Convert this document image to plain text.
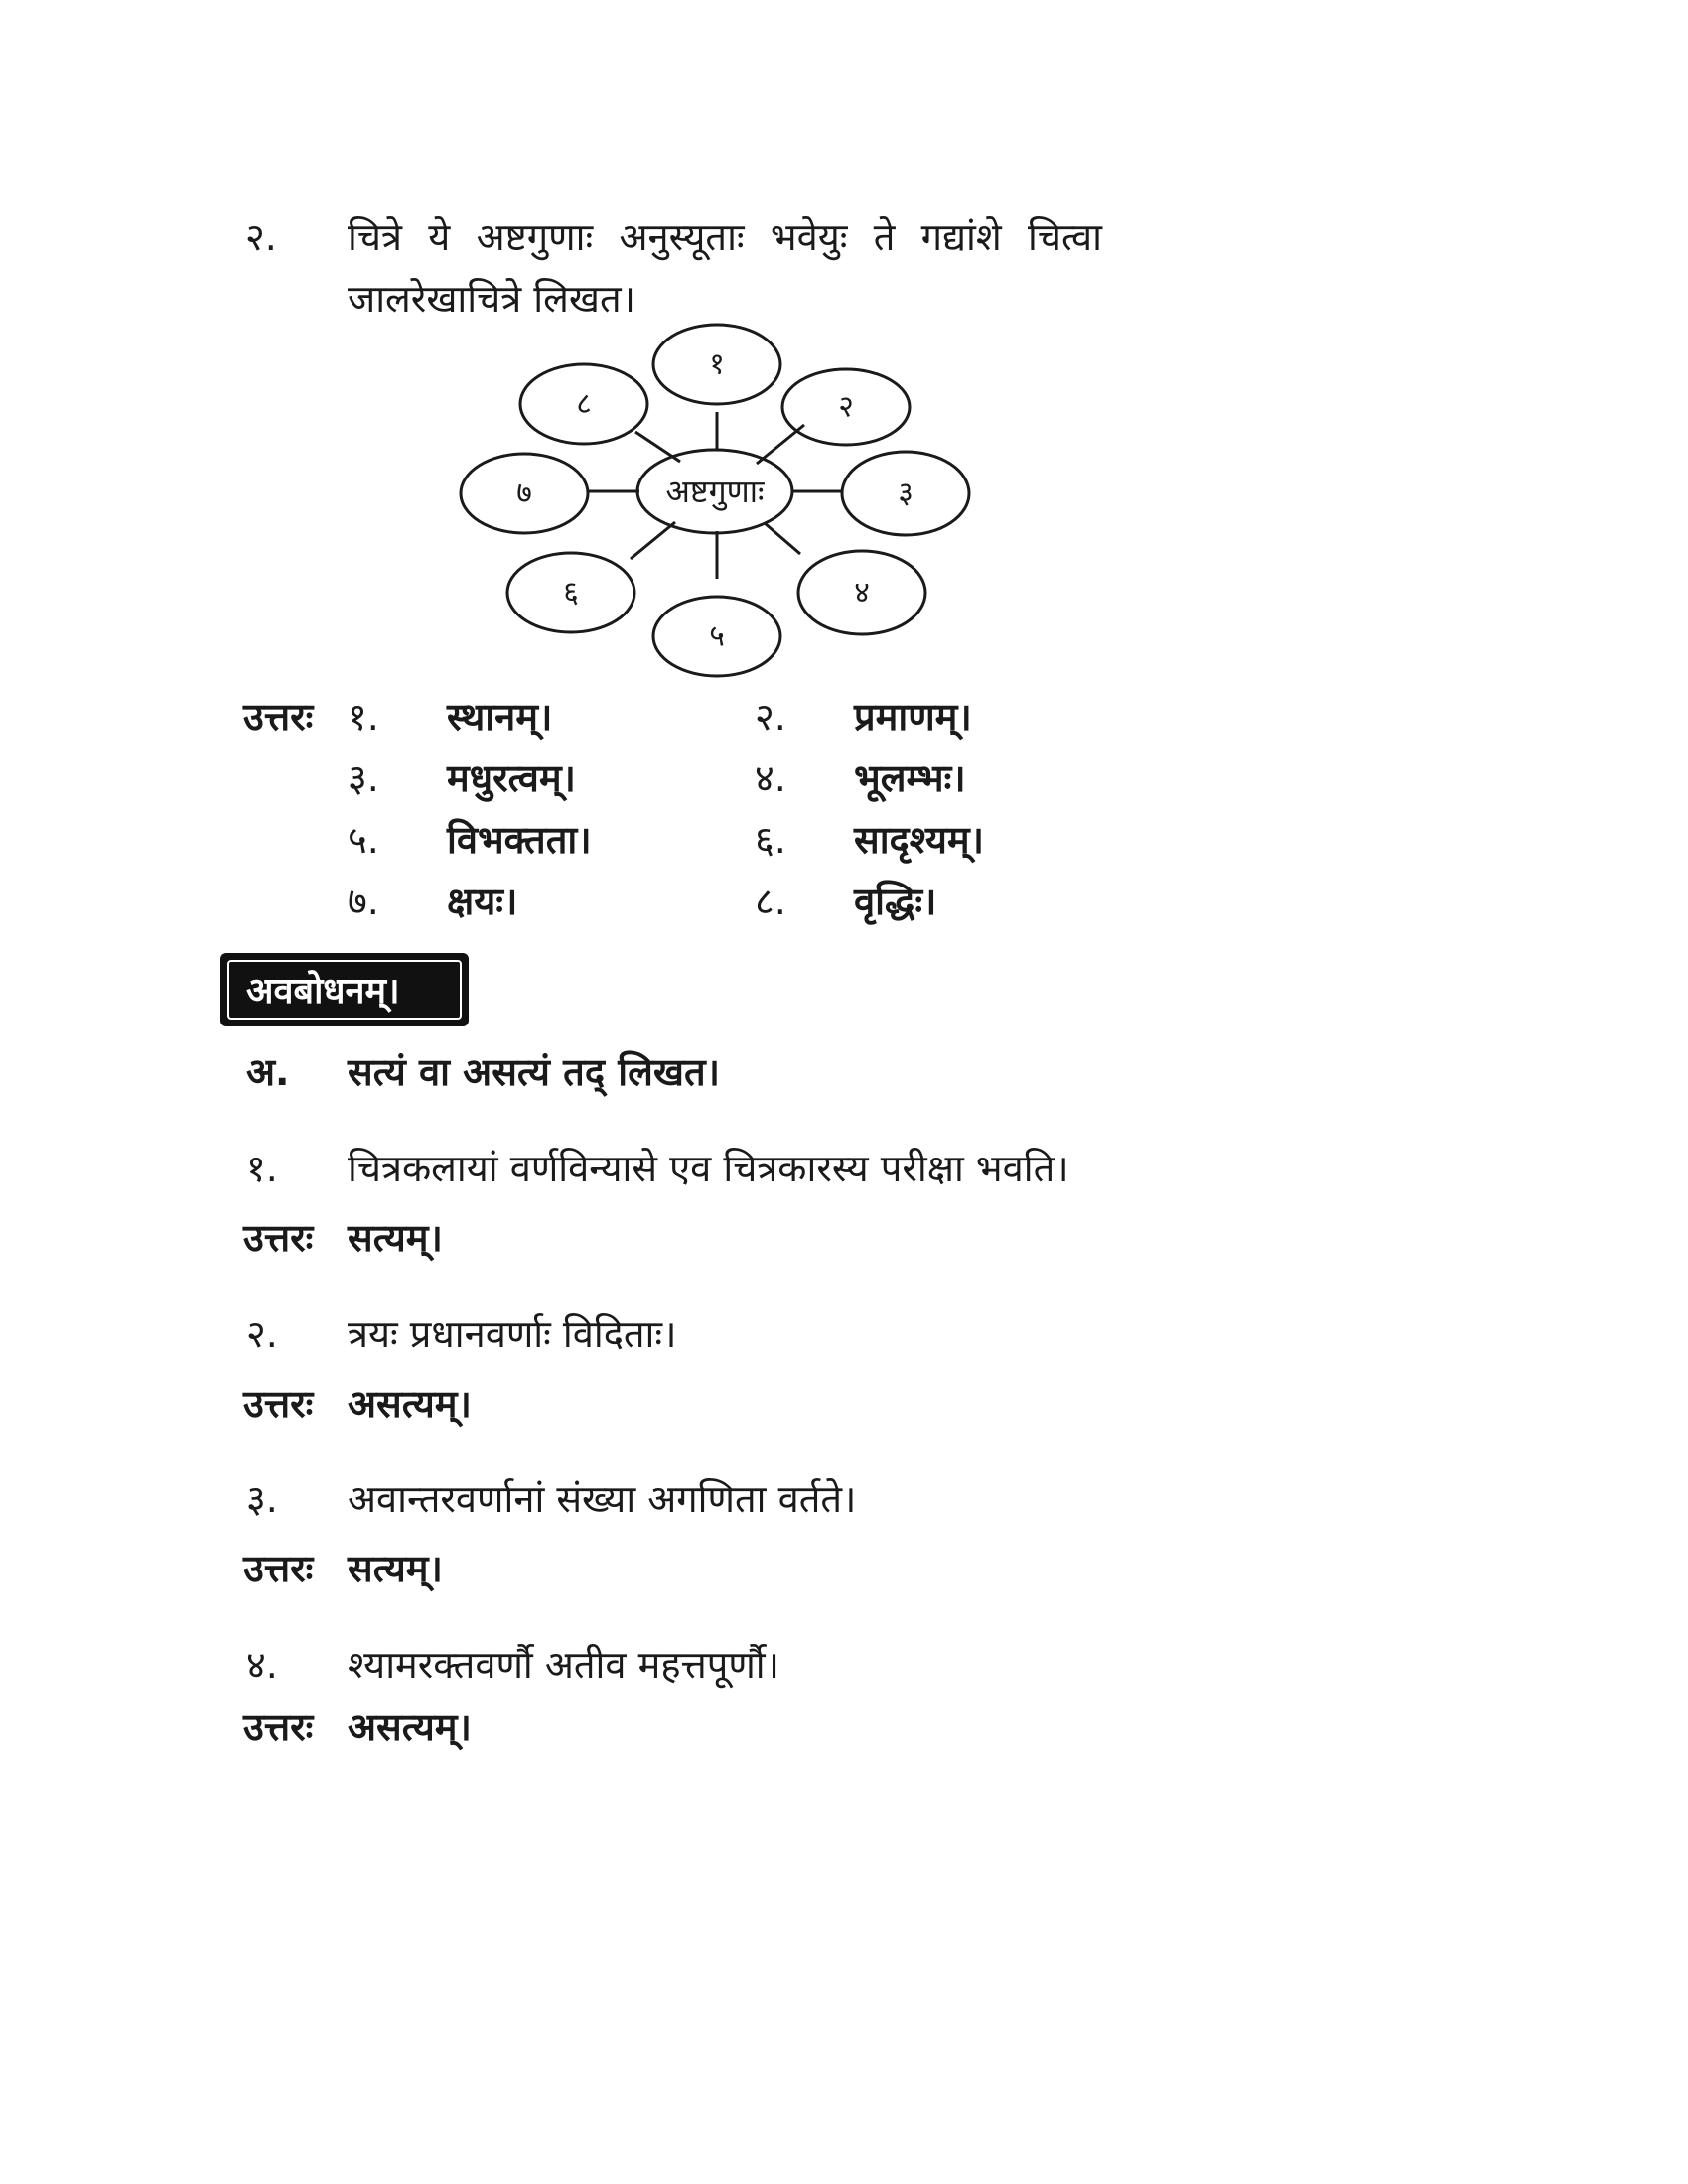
२. चित्रे ये अष्टगुणाः अनुस्यूताः भवेयुः ते गद्यांशे चित्वा
जालरेखाचित्रे लिखत।
अष्टगुणाः
१
२
३
४
५
६
७
८
उत्तरः १. स्थानम्।	२. प्रमाणम्।
३. मधुरत्वम्।	४. भूलम्भः।
५. विभक्तता।	६. सादृश्यम्।
७. क्षयः।	८. वृद्धिः।
अवबोधनम्।
अ. सत्यं वा असत्यं तद् लिखत।
१. चित्रकलायां वर्णविन्यासे एव चित्रकारस्य परीक्षा भवति।
उत्तरः सत्यम्।
२. त्रयः प्रधानवर्णाः विदिताः।
उत्तरः असत्यम्।
३. अवान्तरवर्णानां संख्या अगणिता वर्तते।
उत्तरः सत्यम्।
४. श्यामरक्तवर्णौ अतीव महत्तपूर्णौ।
उत्तरः असत्यम्।
